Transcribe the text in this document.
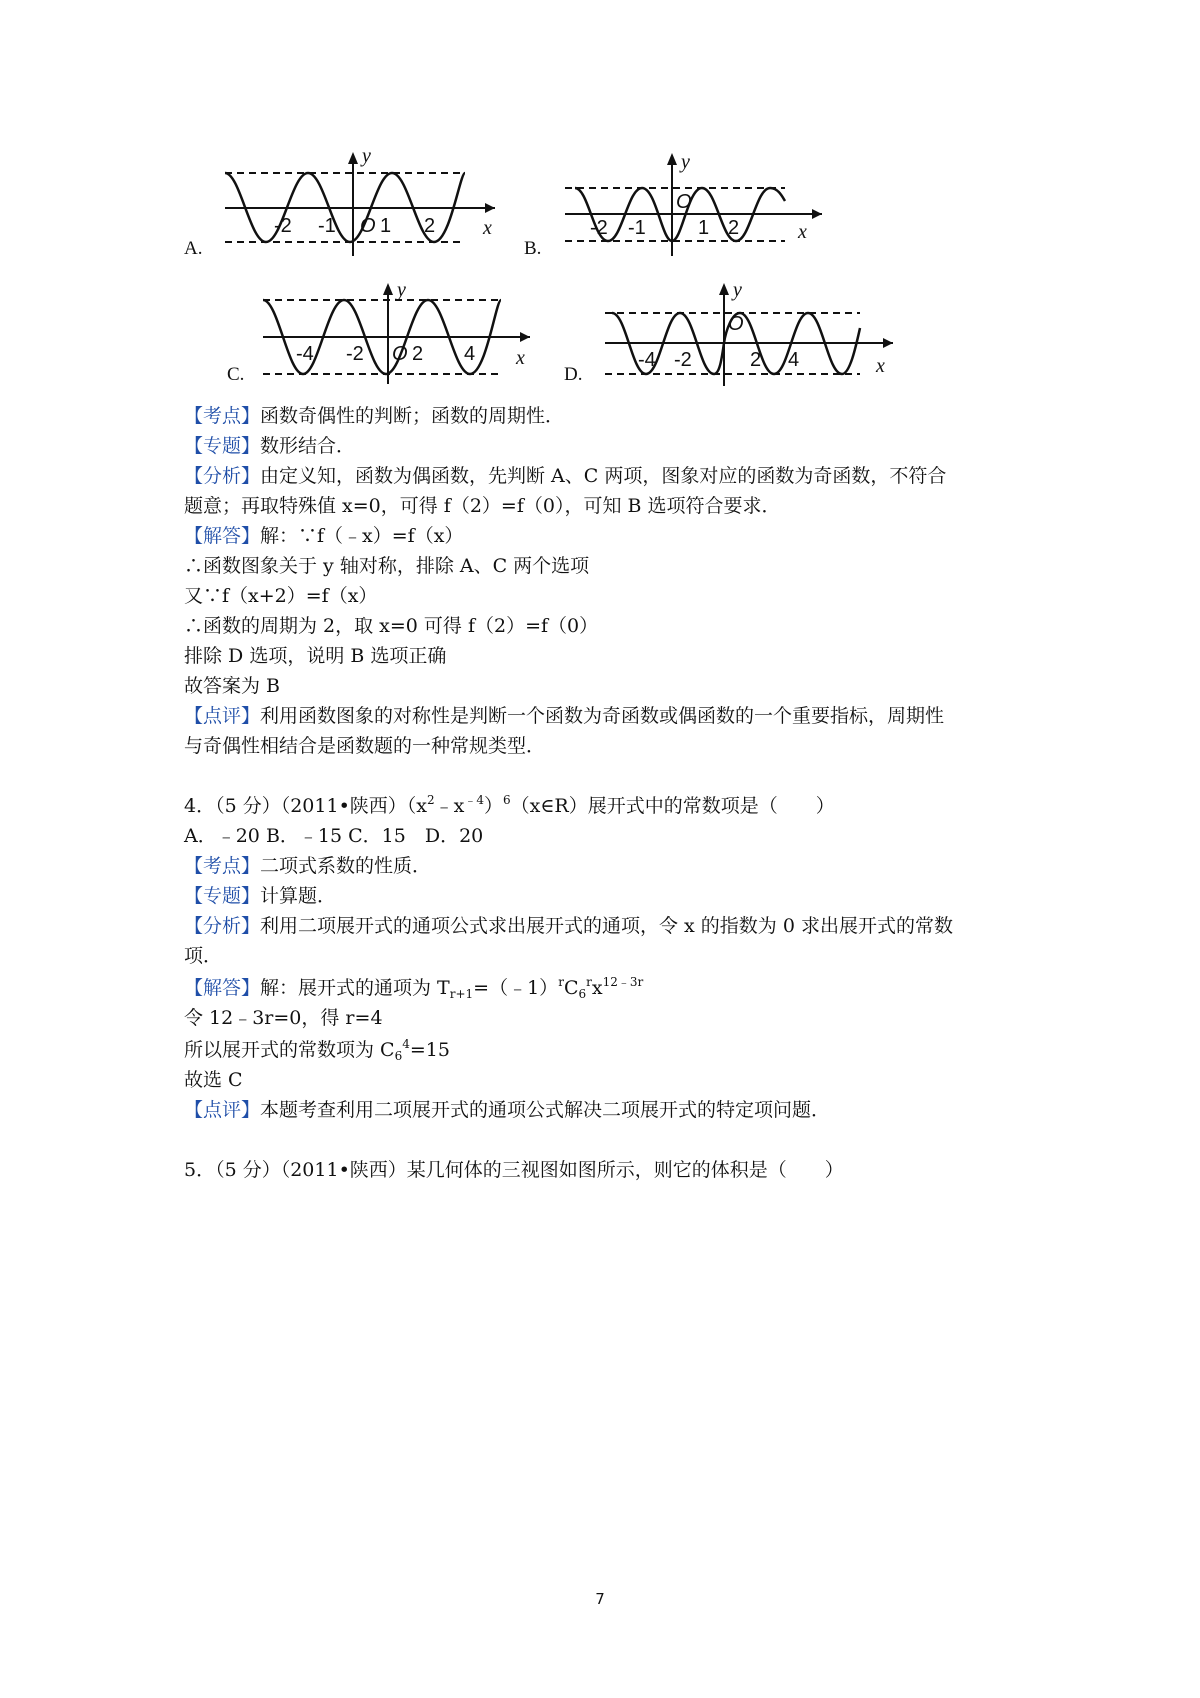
A.
-2 -1 O 1 2 x
y
B.
-2 -1
O
1 2	x
y
C.
-4 -2 O 2 4 x
y
D.
-4 -2
O
2 4	x
y
【考点】函数奇偶性的判断；函数的周期性．
【专题】数形结合．
【分析】由定义知，函数为偶函数，先判断 A、C 两项，图象对应的函数为奇函数，不符合
题意；再取特殊值 x=0，可得 f（2）=f（0），可知 B 选项符合要求．
【解答】解：∵f（﹣x）=f（x）
∴函数图象关于 y 轴对称，排除 A、C 两个选项
又∵f（x+2）=f（x）
∴函数的周期为 2，取 x=0 可得 f（2）=f（0）
排除 D 选项，说明 B 选项正确
故答案为 B
【点评】利用函数图象的对称性是判断一个函数为奇函数或偶函数的一个重要指标，周期性
与奇偶性相结合是函数题的一种常规类型．
4．（5 分）（2011•陕西）$(x^2﹣x^{﹣4})^6(x\in R)$展开式中的常数项是（　　）
A．﹣20 B．﹣15 C．15　D．20
【考点】二项式系数的性质．
【专题】计算题．
【分析】利用二项展开式的通项公式求出展开式的通项，令 x 的指数为 0 求出展开式的常数
项．
【解答】解：展开式的通项为 $T_{r+1}=(﹣1)^rC_6^rx^{12﹣3r}$
令 12﹣3r=0，得 r=4
所以展开式的常数项为 $C_6^4=15$
故选 C
【点评】本题考查利用二项展开式的通项公式解决二项展开式的特定项问题．
5．（5 分）（2011•陕西）某几何体的三视图如图所示，则它的体积是（　　）
7
